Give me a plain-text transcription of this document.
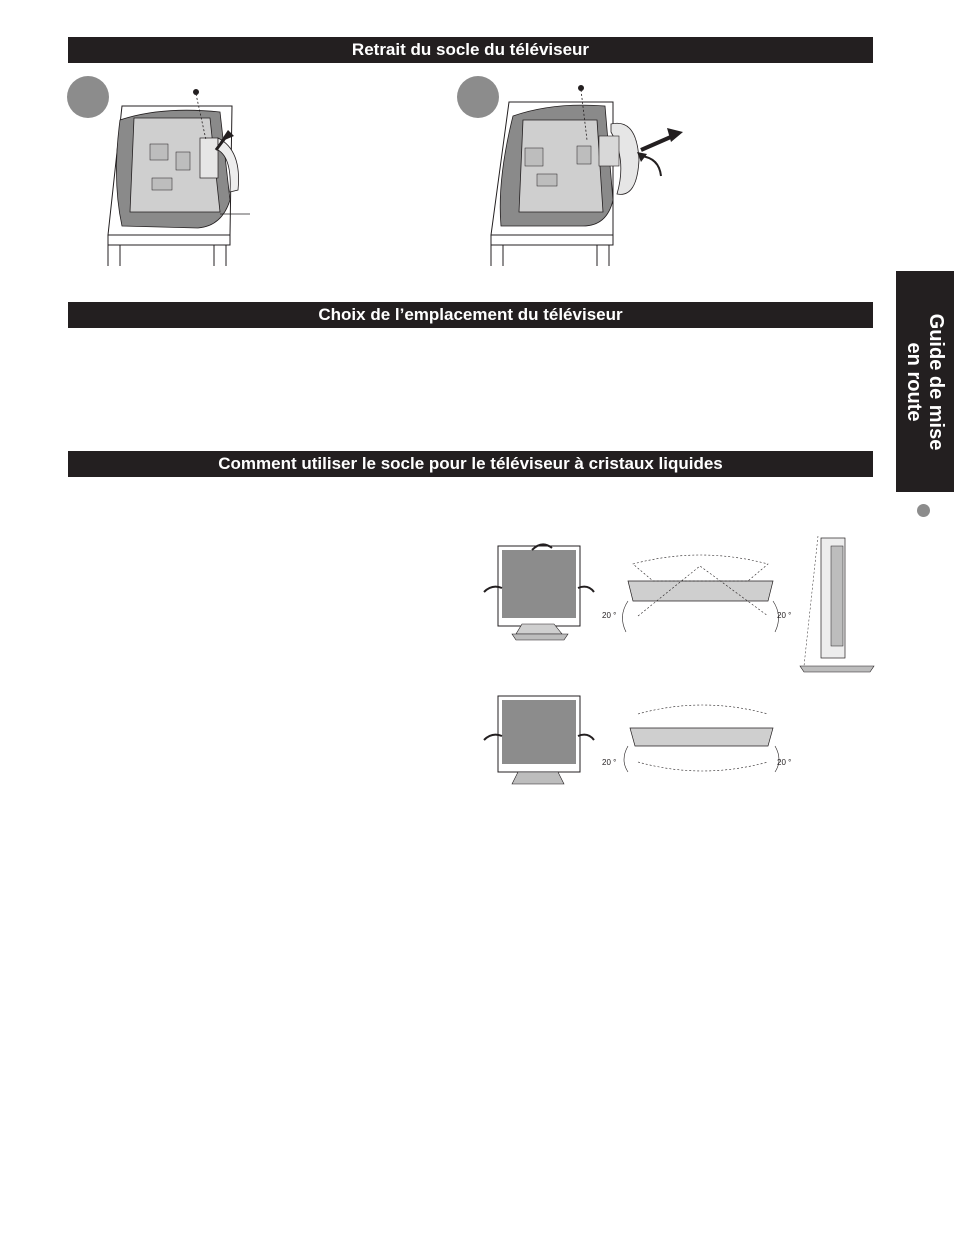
Retrait du socle du téléviseur
Choix de l’emplacement du téléviseur
Comment utiliser le socle pour le téléviseur à cristaux liquides
20 °	20 °
20 °	20 °
Guide de mise
en route
